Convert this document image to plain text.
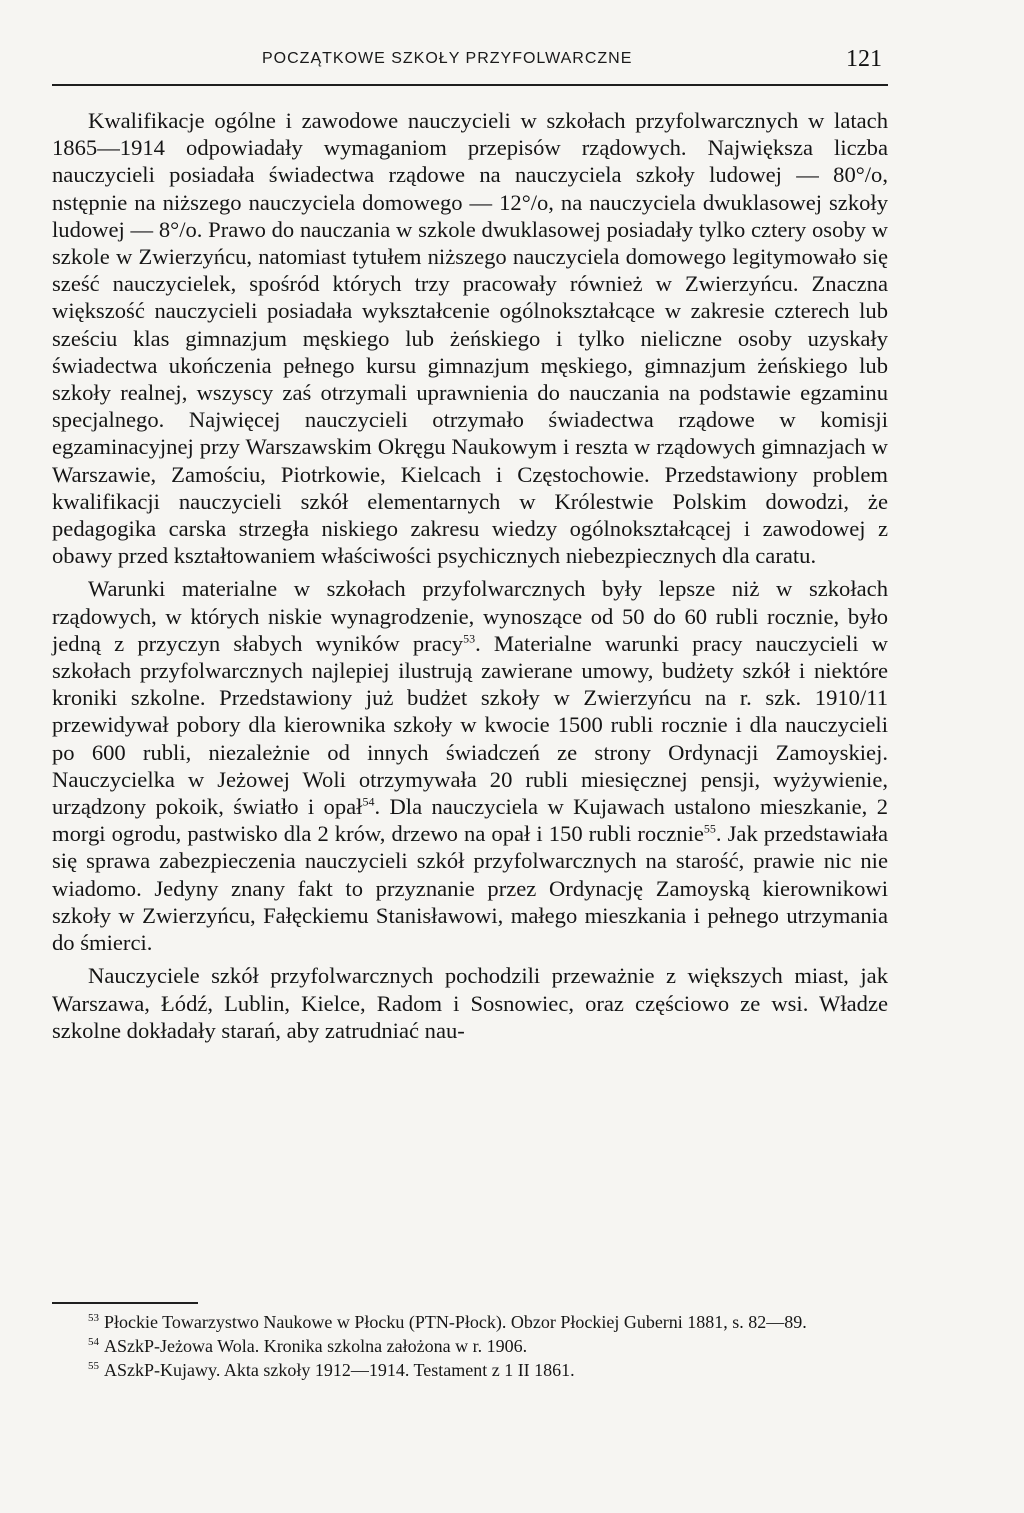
POCZĄTKOWE SZKOŁY PRZYFOLWARCZNE	121

Kwalifikacje ogólne i zawodowe nauczycieli w szkołach przyfolwarcznych w latach 1865—1914 odpowiadały wymaganiom przepisów rządowych. Największa liczba nauczycieli posiadała świadectwa rządowe na nauczyciela szkoły ludowej — 80°/o, nstępnie na niższego nauczyciela domowego — 12°/o, na nauczyciela dwuklasowej szkoły ludowej — 8°/o. Prawo do nauczania w szkole dwuklasowej posiadały tylko cztery osoby w szkole w Zwierzyńcu, natomiast tytułem niższego nauczyciela domowego legitymowało się sześć nauczycielek, spośród których trzy pracowały również w Zwierzyńcu. Znaczna większość nauczycieli posiadała wykształcenie ogólnokształcące w zakresie czterech lub sześciu klas gimnazjum męskiego lub żeńskiego i tylko nieliczne osoby uzyskały świadectwa ukończenia pełnego kursu gimnazjum męskiego, gimnazjum żeńskiego lub szkoły realnej, wszyscy zaś otrzymali uprawnienia do nauczania na podstawie egzaminu specjalnego. Najwięcej nauczycieli otrzymało świadectwa rządowe w komisji egzaminacyjnej przy Warszawskim Okręgu Naukowym i reszta w rządowych gimnazjach w Warszawie, Zamościu, Piotrkowie, Kielcach i Częstochowie. Przedstawiony problem kwalifikacji nauczycieli szkół elementarnych w Królestwie Polskim dowodzi, że pedagogika carska strzegła niskiego zakresu wiedzy ogólnokształcącej i zawodowej z obawy przed kształtowaniem właściwości psychicznych niebezpiecznych dla caratu.

Warunki materialne w szkołach przyfolwarcznych były lepsze niż w szkołach rządowych, w których niskie wynagrodzenie, wynoszące od 50 do 60 rubli rocznie, było jedną z przyczyn słabych wyników pracy$^{53}$. Materialne warunki pracy nauczycieli w szkołach przyfolwarcznych najlepiej ilustrują zawierane umowy, budżety szkół i niektóre kroniki szkolne. Przedstawiony już budżet szkoły w Zwierzyńcu na r. szk. 1910/11 przewidywał pobory dla kierownika szkoły w kwocie 1500 rubli rocznie i dla nauczycieli po 600 rubli, niezależnie od innych świadczeń ze strony Ordynacji Zamoyskiej. Nauczycielka w Jeżowej Woli otrzymywała 20 rubli miesięcznej pensji, wyżywienie, urządzony pokoik, światło i opał$^{54}$. Dla nauczyciela w Kujawach ustalono mieszkanie, 2 morgi ogrodu, pastwisko dla 2 krów, drzewo na opał i 150 rubli rocznie$^{55}$. Jak przedstawiała się sprawa zabezpieczenia nauczycieli szkół przyfolwarcznych na starość, prawie nic nie wiadomo. Jedyny znany fakt to przyznanie przez Ordynację Zamoyską kierownikowi szkoły w Zwierzyńcu, Fałęckiemu Stanisławowi, małego mieszkania i pełnego utrzymania do śmierci.

Nauczyciele szkół przyfolwarcznych pochodzili przeważnie z większych miast, jak Warszawa, Łódź, Lublin, Kielce, Radom i Sosnowiec, oraz częściowo ze wsi. Władze szkolne dokładały starań, aby zatrudniać nau-

$^{53}$ Płockie Towarzystwo Naukowe w Płocku (PTN-Płock). Obzor Płockiej Guberni 1881, s. 82—89.

$^{54}$ ASzkP-Jeżowa Wola. Kronika szkolna założona w r. 1906.

$^{55}$ ASzkP-Kujawy. Akta szkoły 1912—1914. Testament z 1 II 1861.
